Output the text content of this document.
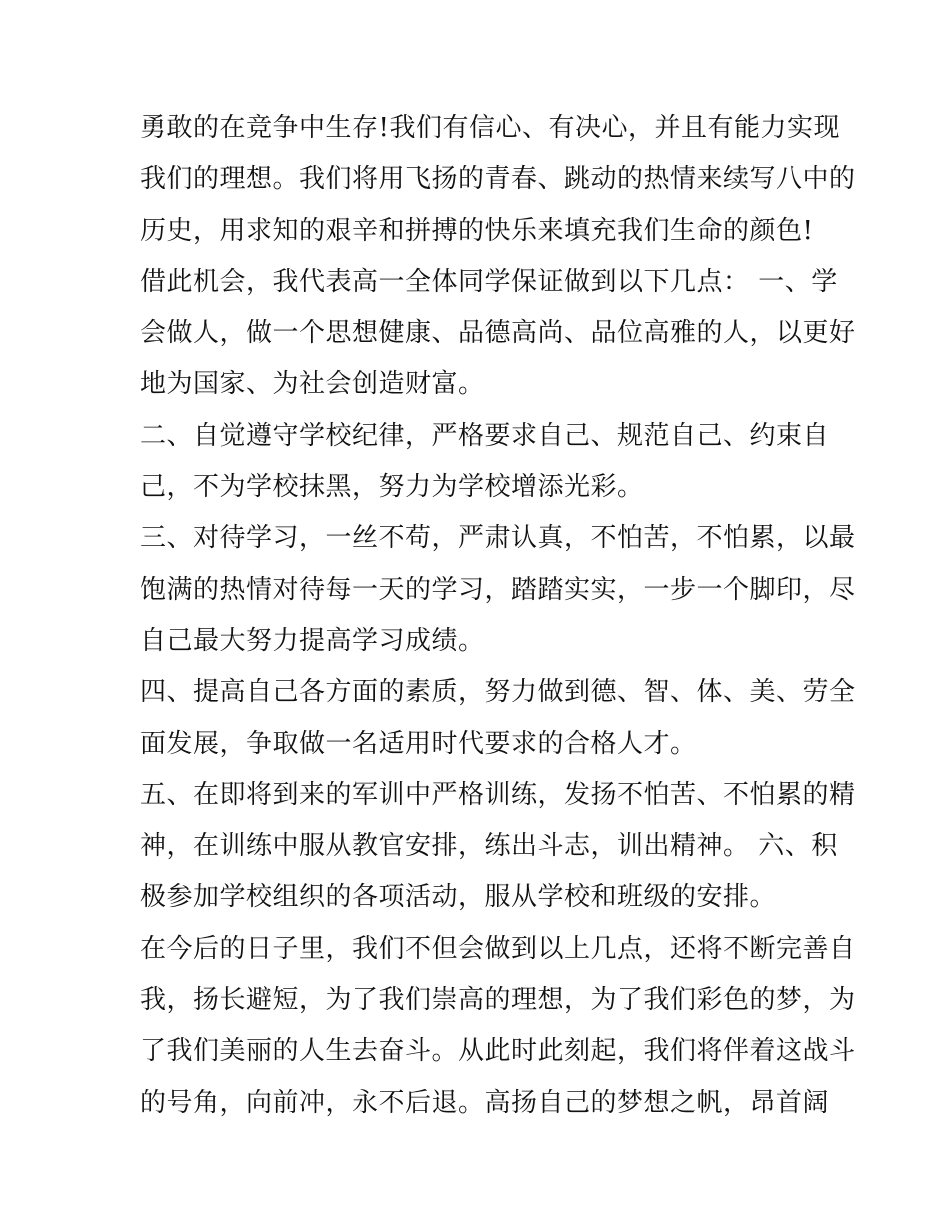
勇敢的在竞争中生存!我们有信心、有决心，并且有能力实现
我们的理想。我们将用飞扬的青春、跳动的热情来续写八中的
历史，用求知的艰辛和拼搏的快乐来填充我们生命的颜色!
借此机会，我代表高一全体同学保证做到以下几点： 一、学
会做人，做一个思想健康、品德高尚、品位高雅的人，以更好
地为国家、为社会创造财富。
二、自觉遵守学校纪律，严格要求自己、规范自己、约束自
己，不为学校抹黑，努力为学校增添光彩。
三、对待学习，一丝不苟，严肃认真，不怕苦，不怕累，以最
饱满的热情对待每一天的学习，踏踏实实，一步一个脚印，尽
自己最大努力提高学习成绩。
四、提高自己各方面的素质，努力做到德、智、体、美、劳全
面发展，争取做一名适用时代要求的合格人才。
五、在即将到来的军训中严格训练，发扬不怕苦、不怕累的精
神，在训练中服从教官安排，练出斗志，训出精神。 六、积
极参加学校组织的各项活动，服从学校和班级的安排。
在今后的日子里，我们不但会做到以上几点，还将不断完善自
我，扬长避短，为了我们崇高的理想，为了我们彩色的梦，为
了我们美丽的人生去奋斗。从此时此刻起，我们将伴着这战斗
的号角，向前冲，永不后退。高扬自己的梦想之帆，昂首阔
